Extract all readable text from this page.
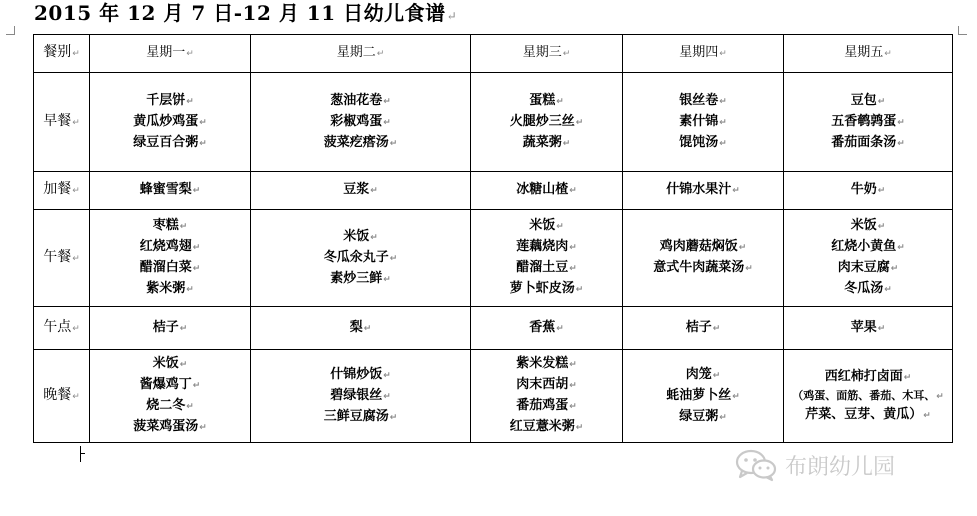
2015 年 12 月 7 日-12 月 11 日幼儿食谱↵
餐别↵	星期一↵	星期二↵	星期三↵	星期四↵	星期五↵
早餐↵	千层饼↵
黄瓜炒鸡蛋↵
绿豆百合粥↵	葱油花卷↵
彩椒鸡蛋↵
菠菜疙瘩汤↵	蛋糕↵
火腿炒三丝↵
蔬菜粥↵	银丝卷↵
素什锦↵
馄饨汤↵	豆包↵
五香鹌鹑蛋↵
番茄面条汤↵

加餐↵	蜂蜜雪梨↵	豆浆↵	冰糖山楂↵	什锦水果汁↵	牛奶↵

午餐↵	枣糕↵
红烧鸡翅↵
醋溜白菜↵
紫米粥↵	米饭↵
冬瓜氽丸子↵
素炒三鲜↵	米饭↵
莲藕烧肉↵
醋溜土豆↵
萝卜虾皮汤↵	鸡肉蘑菇焖饭↵
意式牛肉蔬菜汤↵	米饭↵
红烧小黄鱼↵
肉末豆腐↵
冬瓜汤↵

午点↵	桔子↵	梨↵	香蕉↵	桔子↵	苹果↵

晚餐↵	米饭↵
酱爆鸡丁↵
烧二冬↵
菠菜鸡蛋汤↵	什锦炒饭↵
碧绿银丝↵
三鲜豆腐汤↵	紫米发糕↵
肉末西胡↵
番茄鸡蛋↵
红豆薏米粥↵	肉笼↵
蚝油萝卜丝↵
绿豆粥↵	西红柿打卤面↵
（鸡蛋、面筋、番茄、木耳、↵
芹菜、豆芽、黄瓜）↵
布朗幼儿园
